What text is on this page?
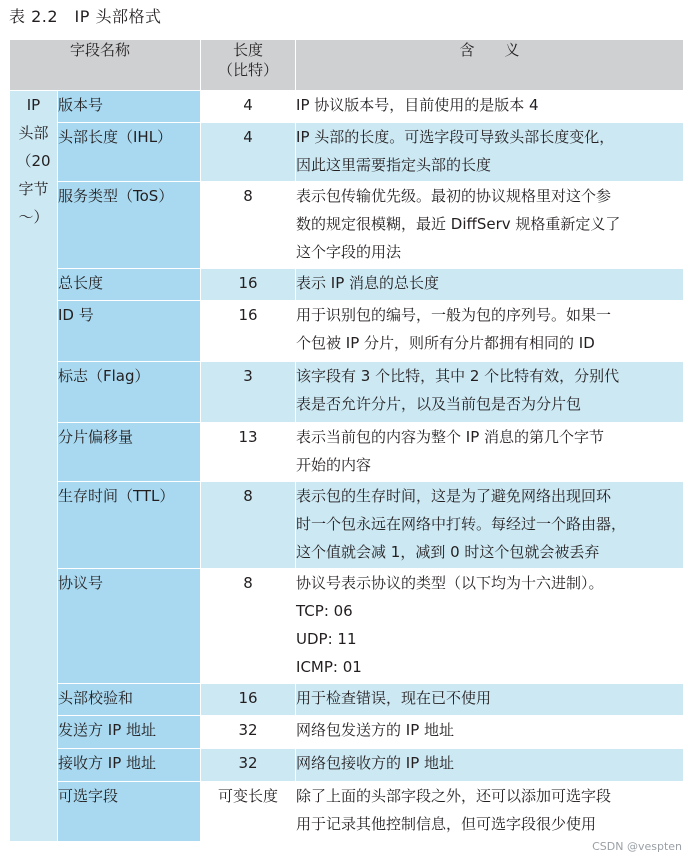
表 2.2　IP 头部格式
字段名称		长度
（比特）	含　　义

IP
头部
（20
字节
～）	版本号	4	IP 协议版本号，目前使用的是版本 4

	头部长度（IHL）	4	IP 头部的长度。可选字段可导致头部长度变化，
因此这里需要指定头部的长度

	服务类型（ToS）	8	表示包传输优先级。最初的协议规格里对这个参
数的规定很模糊，最近 DiffServ 规格重新定义了
这个字段的用法

	总长度	16	表示 IP 消息的总长度

	ID 号	16	用于识别包的编号，一般为包的序列号。如果一
个包被 IP 分片，则所有分片都拥有相同的 ID

	标志（Flag）	3	该字段有 3 个比特，其中 2 个比特有效，分别代
表是否允许分片，以及当前包是否为分片包

	分片偏移量	13	表示当前包的内容为整个 IP 消息的第几个字节
开始的内容

	生存时间（TTL）	8	表示包的生存时间，这是为了避免网络出现回环
时一个包永远在网络中打转。每经过一个路由器，
这个值就会减 1，减到 0 时这个包就会被丢弃

	协议号	8	协议号表示协议的类型（以下均为十六进制）。
TCP: 06
UDP: 11
ICMP: 01

	头部校验和	16	用于检查错误，现在已不使用

	发送方 IP 地址	32	网络包发送方的 IP 地址

	接收方 IP 地址	32	网络包接收方的 IP 地址

	可选字段	可变长度	除了上面的头部字段之外，还可以添加可选字段
用于记录其他控制信息，但可选字段很少使用
CSDN @vespten
